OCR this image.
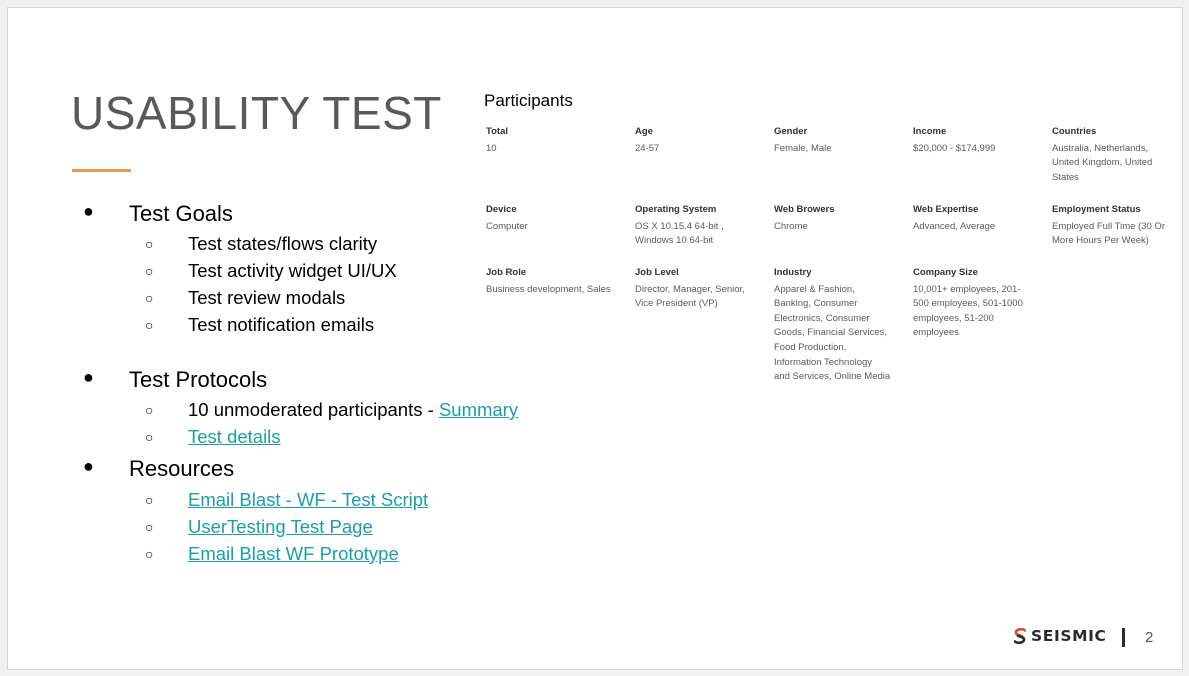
USABILITY TEST
● Test Goals
○ Test states/flows clarity
○ Test activity widget UI/UX
○ Test review modals
○ Test notification emails
● Test Protocols
○ 10 unmoderated participants - Summary
○ Test details
● Resources
○ Email Blast - WF - Test Script
○ UserTesting Test Page
○ Email Blast WF Prototype
Participants
Total
10
Age
24-57
Gender
Female, Male
Income
$20,000 - $174,999
Countries
Australia, Netherlands,
United Kingdom, United
States
Device
Computer
Operating System
OS X 10.15.4 64-bit ,
Windows 10 64-bit
Web Browers
Chrome
Web Expertise
Advanced, Average
Employment Status
Employed Full Time (30 Or
More Hours Per Week)
Job Role
Business development, Sales
Job Level
Director, Manager, Senior,
Vice President (VP)
Industry
Apparel & Fashion,
Banking, Consumer
Electronics, Consumer
Goods, Financial Services,
Food Production,
Information Technology
and Services, Online Media
Company Size
10,001+ employees, 201-
500 employees, 501-1000
employees, 51-200
employees
SEISMIC	2
